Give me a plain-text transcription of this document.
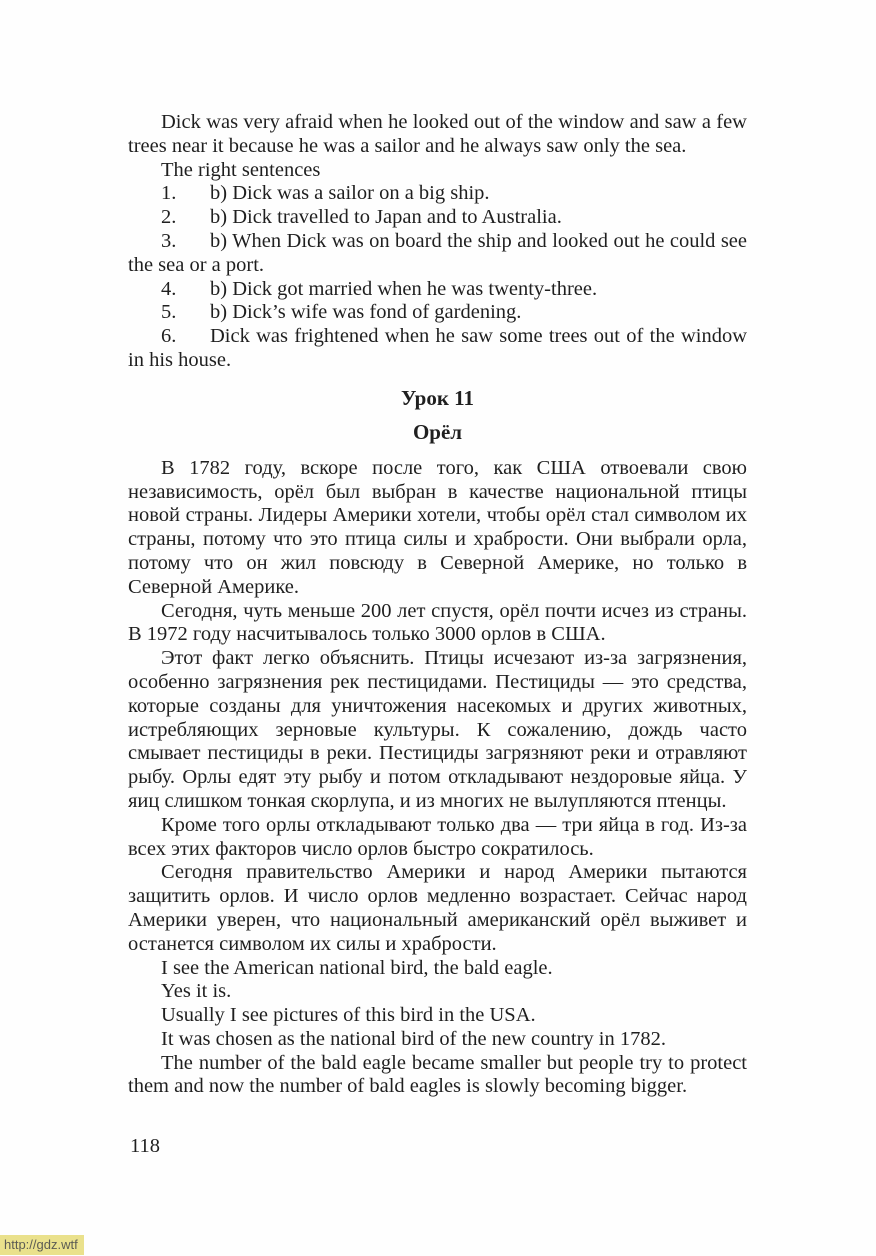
Dick was very afraid when he looked out of the window and saw a few trees near it because he was a sailor and he always saw only the sea.

The right sentences

1. b) Dick was a sailor on a big ship.

2. b) Dick travelled to Japan and to Australia.

3. b) When Dick was on board the ship and looked out he could see the sea or a port.

4. b) Dick got married when he was twenty-three.

5. b) Dick’s wife was fond of gardening.

6. Dick was frightened when he saw some trees out of the window in his house.

Урок 11
Орёл

В 1782 году, вскоре после того, как США отвоевали свою независимость, орёл был выбран в качестве национальной птицы новой страны. Лидеры Америки хотели, чтобы орёл стал символом их страны, потому что это птица силы и храбрости. Они выбрали орла, потому что он жил повсюду в Северной Америке, но только в Северной Америке.

Сегодня, чуть меньше 200 лет спустя, орёл почти исчез из страны. В 1972 году насчитывалось только 3000 орлов в США.

Этот факт легко объяснить. Птицы исчезают из-за загрязнения, особенно загрязнения рек пестицидами. Пестициды — это средства, которые созданы для уничтожения насекомых и других животных, истребляющих зерновые культуры. К сожалению, дождь часто смывает пестициды в реки. Пестициды загрязняют реки и отравляют рыбу. Орлы едят эту рыбу и потом откладывают нездоровые яйца. У яиц слишком тонкая скорлупа, и из многих не вылупляются птенцы.

Кроме того орлы откладывают только два — три яйца в год. Из-за всех этих факторов число орлов быстро сократилось.

Сегодня правительство Америки и народ Америки пытаются защитить орлов. И число орлов медленно возрастает. Сейчас народ Америки уверен, что национальный американский орёл выживет и останется символом их силы и храбрости.

I see the American national bird, the bald eagle.

Yes it is.

Usually I see pictures of this bird in the USA.

It was chosen as the national bird of the new country in 1782.

The number of the bald eagle became smaller but people try to protect them and now the number of bald eagles is slowly becoming bigger.

118
http://gdz.wtf
